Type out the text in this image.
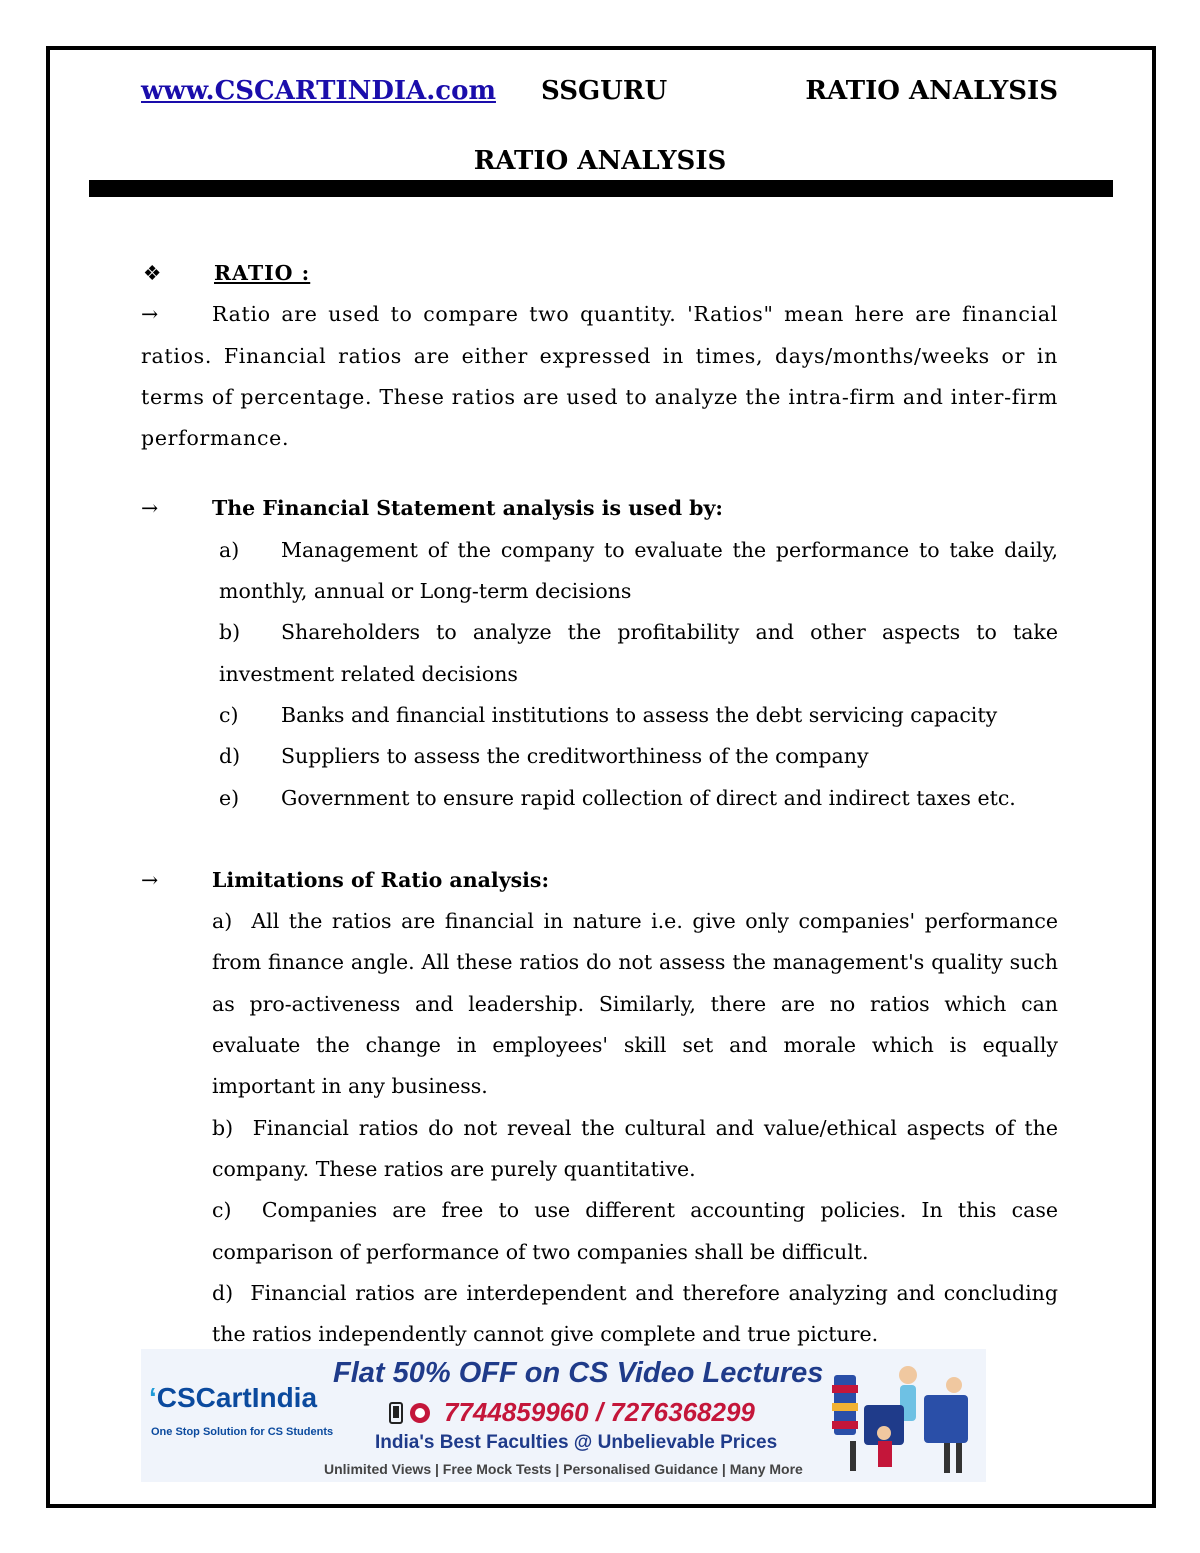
www.CSCARTINDIA.com SSGURU	RATIO ANALYSIS
RATIO ANALYSIS
❖	RATIO :
→	Ratio are used to compare two quantity. 'Ratios" mean here are financial
ratios. Financial ratios are either expressed in times, days/months/weeks or in terms of percentage. These ratios are used to analyze the intra-firm and inter-firm performance.
→	The Financial Statement analysis is used by:
a)	Management of the company to evaluate the performance to take daily, monthly, annual or Long-term decisions
b)	Shareholders to analyze the profitability and other aspects to take investment related decisions
c)	Banks and financial institutions to assess the debt servicing capacity
d)	Suppliers to assess the creditworthiness of the company
e)	Government to ensure rapid collection of direct and indirect taxes etc.
→	Limitations of Ratio analysis:
a) All the ratios are financial in nature i.e. give only companies' performance from finance angle. All these ratios do not assess the management's quality such as pro-activeness and leadership. Similarly, there are no ratios which can evaluate the change in employees' skill set and morale which is equally important in any business.
b) Financial ratios do not reveal the cultural and value/ethical aspects of the company. These ratios are purely quantitative.
c) Companies are free to use different accounting policies. In this case comparison of performance of two companies shall be difficult.
d) Financial ratios are interdependent and therefore analyzing and concluding the ratios independently cannot give complete and true picture.
‘CSCartIndia
One Stop Solution for CS Students
Flat 50% OFF on CS Video Lectures
7744859960 / 7276368299
India's Best Faculties @ Unbelievable Prices
Unlimited Views | Free Mock Tests | Personalised Guidance | Many More
